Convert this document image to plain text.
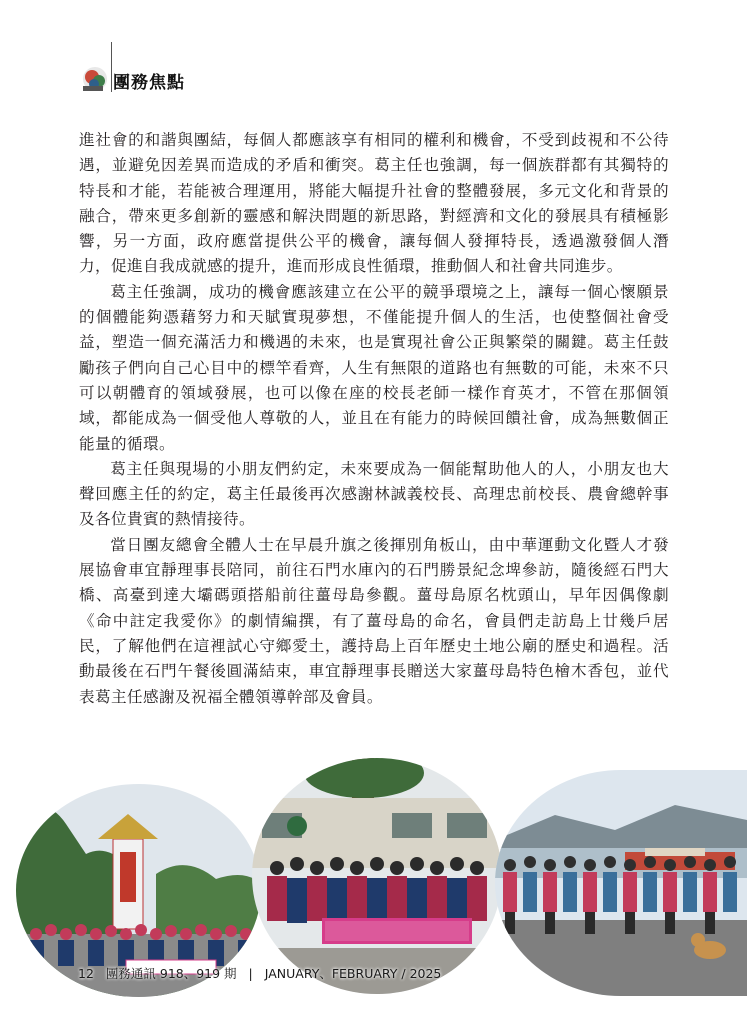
團務焦點

進社會的和諧與團結，每個人都應該享有相同的權利和機會，不受到歧視和不公待遇，並避免因差異而造成的矛盾和衝突。葛主任也強調，每一個族群都有其獨特的特長和才能，若能被合理運用，將能大幅提升社會的整體發展，多元文化和背景的融合，帶來更多創新的靈感和解決問題的新思路，對經濟和文化的發展具有積極影響，另一方面，政府應當提供公平的機會，讓每個人發揮特長，透過激發個人潛力，促進自我成就感的提升，進而形成良性循環，推動個人和社會共同進步。

葛主任強調，成功的機會應該建立在公平的競爭環境之上，讓每一個心懷願景的個體能夠憑藉努力和天賦實現夢想，不僅能提升個人的生活，也使整個社會受益，塑造一個充滿活力和機遇的未來，也是實現社會公正與繁榮的關鍵。葛主任鼓勵孩子們向自己心目中的標竿看齊，人生有無限的道路也有無數的可能，未來不只可以朝體育的領域發展，也可以像在座的校長老師一樣作育英才，不管在那個領域，都能成為一個受他人尊敬的人，並且在有能力的時候回饋社會，成為無數個正能量的循環。

葛主任與現場的小朋友們約定，未來要成為一個能幫助他人的人，小朋友也大聲回應主任的約定，葛主任最後再次感謝林誠義校長、高理忠前校長、農會總幹事及各位貴賓的熱情接待。

當日團友總會全體人士在早晨升旗之後揮別角板山，由中華運動文化暨人才發展協會車宜靜理事長陪同，前往石門水庫內的石門勝景紀念埤參訪，隨後經石門大橋、高臺到達大壩碼頭搭船前往薑母島參觀。薑母島原名枕頭山，早年因偶像劇《命中註定我愛你》的劇情編撰，有了薑母島的命名，會員們走訪島上廿幾戶居民，了解他們在這裡試心守鄉愛土，護持島上百年歷史土地公廟的歷史和過程。活動最後在石門午餐後圓滿結束，車宜靜理事長贈送大家薑母島特色檜木香包，並代表葛主任感謝及祝福全體領導幹部及會員。

12 團務通訊 918、919 期 | JANUARY、FEBRUARY / 2025
